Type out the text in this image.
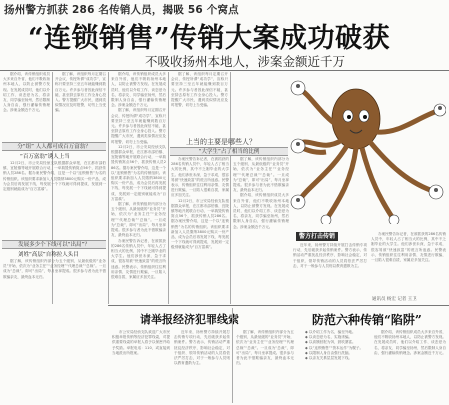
扬州警方抓获 286 名传销人员，揭吸 56 个窝点
“连锁销售”传销大案成功破获
不吸收扬州本地人，涉案金额近千万

据介绍，该传销组织成员大多来自外省，他们不吸收扬州本地人，以防止被警方发现。在发展成员时，他们以介绍工作、谈恋爱为名，将亲友、同学骗至扬州，然后限制人身自由，强行灌输传销理念。涉案金额近千万元。

分“组” 人人都可成百万富翁？
“百万富翁”诱人上当

12月2日，市公安局经侦支队根据群众举报，在江都市邵伯镇、宜陵镇等地开展联合行动，一举捣毁传销窝点56个，抓获传销人员286名。据办案民警介绍，这是一个以“连锁销售”为名的传销组织。该组织要求新加入人员缴纳3800元购买一份产品，成为会员后再发展下线，每发展一个下线就可得到提成，发展到一定级别就能成为“百万富翁”。

发展多少个下线可以“出局”？
刘姓“高层”自称拉人头目

据了解，该传销组织内部分为五个级别，从最低级的“业务员”开始，依次为“业务主任”“业务经理”“代理总裁”“总裁”。一旦成为“总裁”，即可“出局”，每月坐拿提成。很多参与者为此不惜欺骗亲友，最终血本无归。

据了解，该组织每月定期召开会议，传授所谓“成功学”，宣称只要坚持三至五年就能赚到数百万元。许多参与者因此深信不疑，甚至辞去原有工作全身心投入。警方提醒广大市民，遇到类似情况应及时报警，切勿上当受骗。

据介绍，该传销组织成员大多来自外省，他们不吸收扬州本地人，以防止被警方发现。在发展成员时，他们以介绍工作、谈恋爱为名，将亲友、同学骗至扬州，然后限制人身自由，强行灌输传销理念。涉案金额近千万元。

据了解，该组织每月定期召开会议，传授所谓“成功学”，宣称只要坚持三至五年就能赚到数百万元。许多参与者因此深信不疑，甚至辞去原有工作全身心投入。警方提醒广大市民，遇到类似情况应及时报警，切勿上当受骗。

12月2日，市公安局经侦支队根据群众举报，在江都市邵伯镇、宜陵镇等地开展联合行动，一举捣毁传销窝点56个，抓获传销人员286名。据办案民警介绍，这是一个以“连锁销售”为名的传销组织。该组织要求新加入人员缴纳3800元购买一份产品，成为会员后再发展下线，每发展一个下线就可得到提成，发展到一定级别就能成为“百万富翁”。

据了解，该传销组织内部分为五个级别，从最低级的“业务员”开始，依次为“业务主任”“业务经理”“代理总裁”“总裁”。一旦成为“总裁”，即可“出局”，每月坐拿提成。很多参与者为此不惜欺骗亲友，最终血本无归。

办案民警告诉记者，在被抓获的286名传销人员中，年轻人占了相当大的比例，其中不乏刚毕业的大学生。他们涉世未深，急于求成，很容易被“快速致富”的谎言所迷惑。民警表示，传销组织往往利用亲情、友情进行欺骗，一旦陷入很难自拔，家属应多加关注。

据了解，该组织每月定期召开会议，传授所谓“成功学”，宣称只要坚持三至五年就能赚到数百万元。许多参与者因此深信不疑，甚至辞去原有工作全身心投入。警方提醒广大市民，遇到类似情况应及时报警，切勿上当受骗。

上当的主要是哪些人？
“大学生”占了相当的比例

办案民警告诉记者，在被抓获的286名传销人员中，年轻人占了相当大的比例，其中不乏刚毕业的大学生。他们涉世未深，急于求成，很容易被“快速致富”的谎言所迷惑。民警表示，传销组织往往利用亲情、友情进行欺骗，一旦陷入很难自拔，家属应多加关注。

12月2日，市公安局经侦支队根据群众举报，在江都市邵伯镇、宜陵镇等地开展联合行动，一举捣毁传销窝点56个，抓获传销人员286名。据办案民警介绍，这是一个以“连锁销售”为名的传销组织。该组织要求新加入人员缴纳3800元购买一份产品，成为会员后再发展下线，每发展一个下线就可得到提成，发展到一定级别就能成为“百万富翁”。

据了解，该传销组织内部分为五个级别，从最低级的“业务员”开始，依次为“业务主任”“业务经理”“代理总裁”“总裁”。一旦成为“总裁”，即可“出局”，每月坐拿提成。很多参与者为此不惜欺骗亲友，最终血本无归。

据介绍，该传销组织成员大多来自外省，他们不吸收扬州本地人，以防止被警方发现。在发展成员时，他们以介绍工作、谈恋爱为名，将亲友、同学骗至扬州，然后限制人身自由，强行灌输传销理念。涉案金额近千万元。

警方打击传销

近年来，扬州警方持续开展打击传销专项行动，先后破获多起传销案件。警方表示，传销活动严重扰乱经济秩序，影响社会稳定，对于组织、领导传销活动的人员将依法严厉打击，对于一般参与人员则以教育遣散为主。

办案民警告诉记者，在被抓获的286名传销人员中，年轻人占了相当大的比例，其中不乏刚毕业的大学生。他们涉世未深，急于求成，很容易被“快速致富”的谎言所迷惑。民警表示，传销组织往往利用亲情、友情进行欺骗，一旦陷入很难自拔，家属应多加关注。

通讯员 杨宏 记者 王卫
请举报经济犯罪线索

市公安局经侦支队欢迎广大市民积极举报传销等经济犯罪线索，对提供重要线索的举报人将予以保密并给予奖励。举报电话：110，或直接到当地派出所报案。

近年来，扬州警方持续开展打击传销专项行动，先后破获多起传销案件。警方表示，传销活动严重扰乱经济秩序，影响社会稳定，对于组织、领导传销活动的人员将依法严厉打击，对于一般参与人员则以教育遣散为主。

防范六种传销“陷阱”

据了解，该传销组织内部分为五个级别，从最低级的“业务员”开始，依次为“业务主任”“业务经理”“代理总裁”“总裁”。一旦成为“总裁”，即可“出局”，每月坐拿提成。很多参与者为此不惜欺骗亲友，最终血本无归。

◆ 以介绍工作为名，骗至外地。

◆ 以谈恋爱为名，实施诱骗。

◆ 以高额回报为饵，鼓吹暴富。

◆ 以“连锁销售”“资本运作”为幌子。

◆ 以限制人身自由强行洗脑。

◆ 以亲友关系层层发展下线。

据介绍，该传销组织成员大多来自外省，他们不吸收扬州本地人，以防止被警方发现。在发展成员时，他们以介绍工作、谈恋爱为名，将亲友、同学骗至扬州，然后限制人身自由，强行灌输传销理念。涉案金额近千万元。
